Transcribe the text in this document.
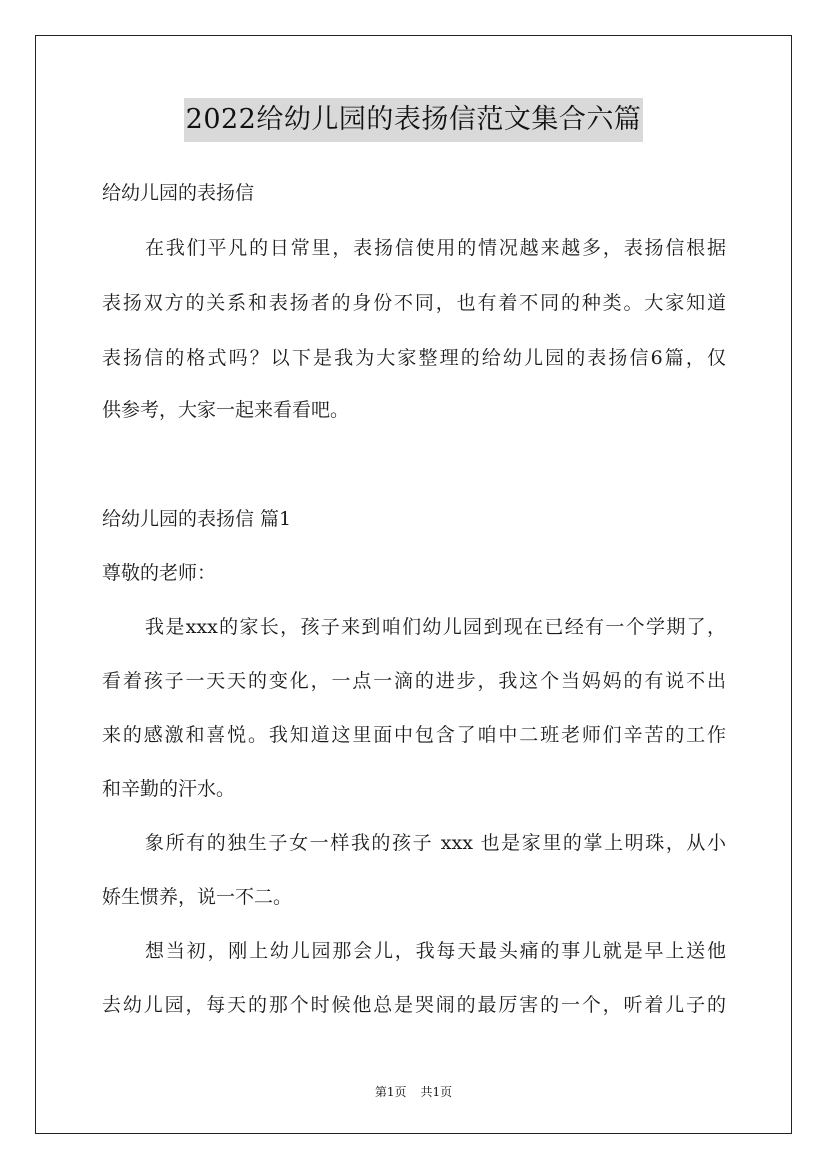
2022给幼儿园的表扬信范文集合六篇
给幼儿园的表扬信
在我们平凡的日常里，表扬信使用的情况越来越多，表扬信根据
表扬双方的关系和表扬者的身份不同，也有着不同的种类。大家知道
表扬信的格式吗？以下是我为大家整理的给幼儿园的表扬信6篇，仅
供参考，大家一起来看看吧。
给幼儿园的表扬信 篇1
尊敬的老师：
我是xxx的家长，孩子来到咱们幼儿园到现在已经有一个学期了，
看着孩子一天天的变化，一点一滴的进步，我这个当妈妈的有说不出
来的感激和喜悦。我知道这里面中包含了咱中二班老师们辛苦的工作
和辛勤的汗水。
象所有的独生子女一样我的孩子 xxx 也是家里的掌上明珠，从小
娇生惯养，说一不二。
想当初，刚上幼儿园那会儿，我每天最头痛的事儿就是早上送他
去幼儿园，每天的那个时候他总是哭闹的最厉害的一个，听着儿子的
第1页 共1页
